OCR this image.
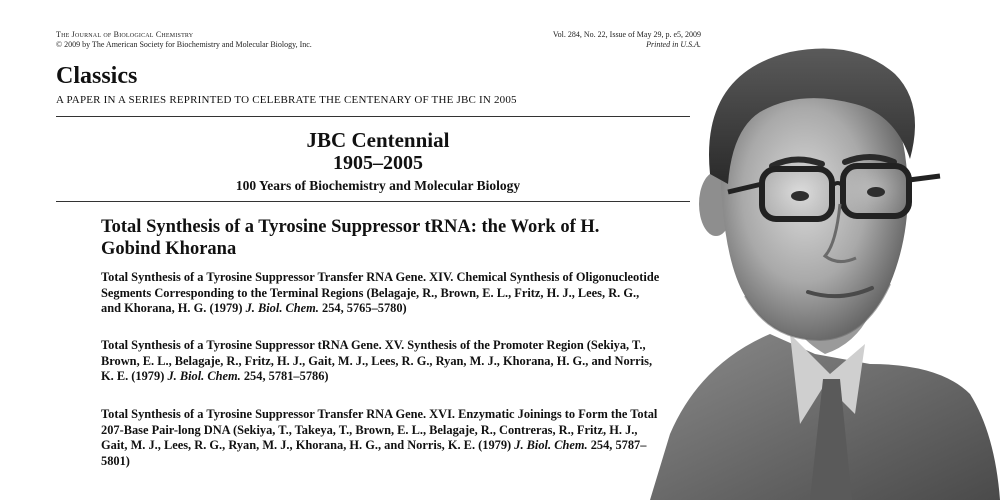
The Journal of Biological Chemistry
© 2009 by The American Society for Biochemistry and Molecular Biology, Inc.
Vol. 284, No. 22, Issue of May 29, p. e5, 2009
Printed in U.S.A.
Classics
A PAPER IN A SERIES REPRINTED TO CELEBRATE THE CENTENARY OF THE JBC IN 2005
JBC Centennial
1905–2005
100 Years of Biochemistry and Molecular Biology
Total Synthesis of a Tyrosine Suppressor tRNA: the Work of H. Gobind Khorana
Total Synthesis of a Tyrosine Suppressor Transfer RNA Gene. XIV. Chemical Synthesis of Oligonucleotide Segments Corresponding to the Terminal Regions (Belagaje, R., Brown, E. L., Fritz, H. J., Lees, R. G., and Khorana, H. G. (1979) J. Biol. Chem. 254, 5765–5780)
Total Synthesis of a Tyrosine Suppressor tRNA Gene. XV. Synthesis of the Promoter Region (Sekiya, T., Brown, E. L., Belagaje, R., Fritz, H. J., Gait, M. J., Lees, R. G., Ryan, M. J., Khorana, H. G., and Norris, K. E. (1979) J. Biol. Chem. 254, 5781–5786)
Total Synthesis of a Tyrosine Suppressor Transfer RNA Gene. XVI. Enzymatic Joinings to Form the Total 207-Base Pair-long DNA (Sekiya, T., Takeya, T., Brown, E. L., Belagaje, R., Contreras, R., Fritz, H. J., Gait, M. J., Lees, R. G., Ryan, M. J., Khorana, H. G., and Norris, K. E. (1979) J. Biol. Chem. 254, 5787–5801)
